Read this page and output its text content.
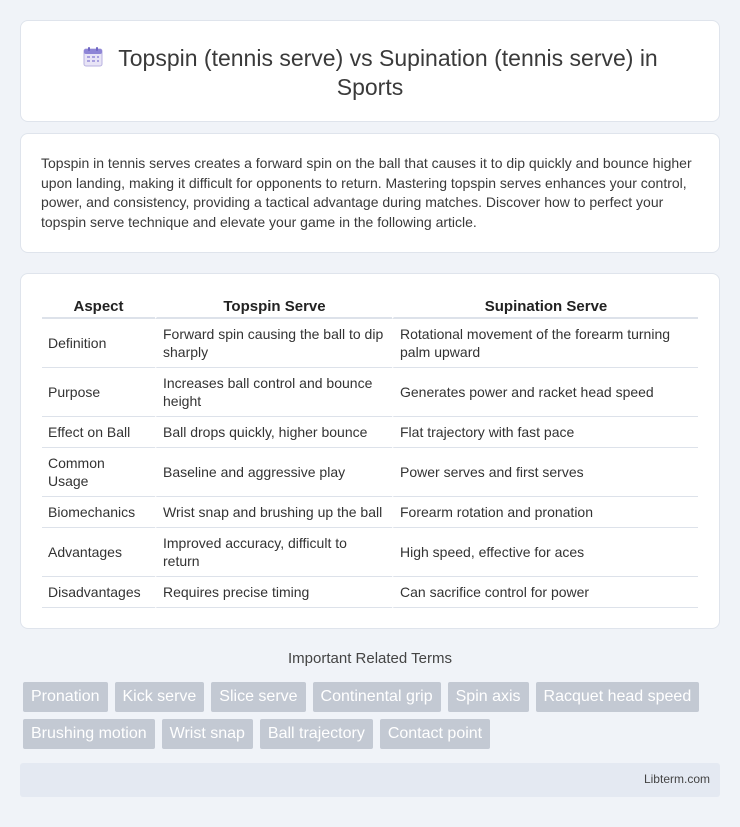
Topspin (tennis serve) vs Supination (tennis serve) in Sports

Topspin in tennis serves creates a forward spin on the ball that causes it to dip quickly and bounce higher upon landing, making it difficult for opponents to return. Mastering topspin serves enhances your control, power, and consistency, providing a tactical advantage during matches. Discover how to perfect your topspin serve technique and elevate your game in the following article.

Aspect	Topspin Serve	Supination Serve
Definition	Forward spin causing the ball to dip sharply	Rotational movement of the forearm turning palm upward
Purpose	Increases ball control and bounce height	Generates power and racket head speed
Effect on Ball	Ball drops quickly, higher bounce	Flat trajectory with fast pace
Common Usage	Baseline and aggressive play	Power serves and first serves
Biomechanics	Wrist snap and brushing up the ball	Forearm rotation and pronation
Advantages	Improved accuracy, difficult to return	High speed, effective for aces
Disadvantages	Requires precise timing	Can sacrifice control for power
Important Related Terms
Pronation	Kick serve	Slice serve	Continental grip	Spin axis	Racquet head speed
Brushing motion	Wrist snap	Ball trajectory	Contact point
Libterm.com
